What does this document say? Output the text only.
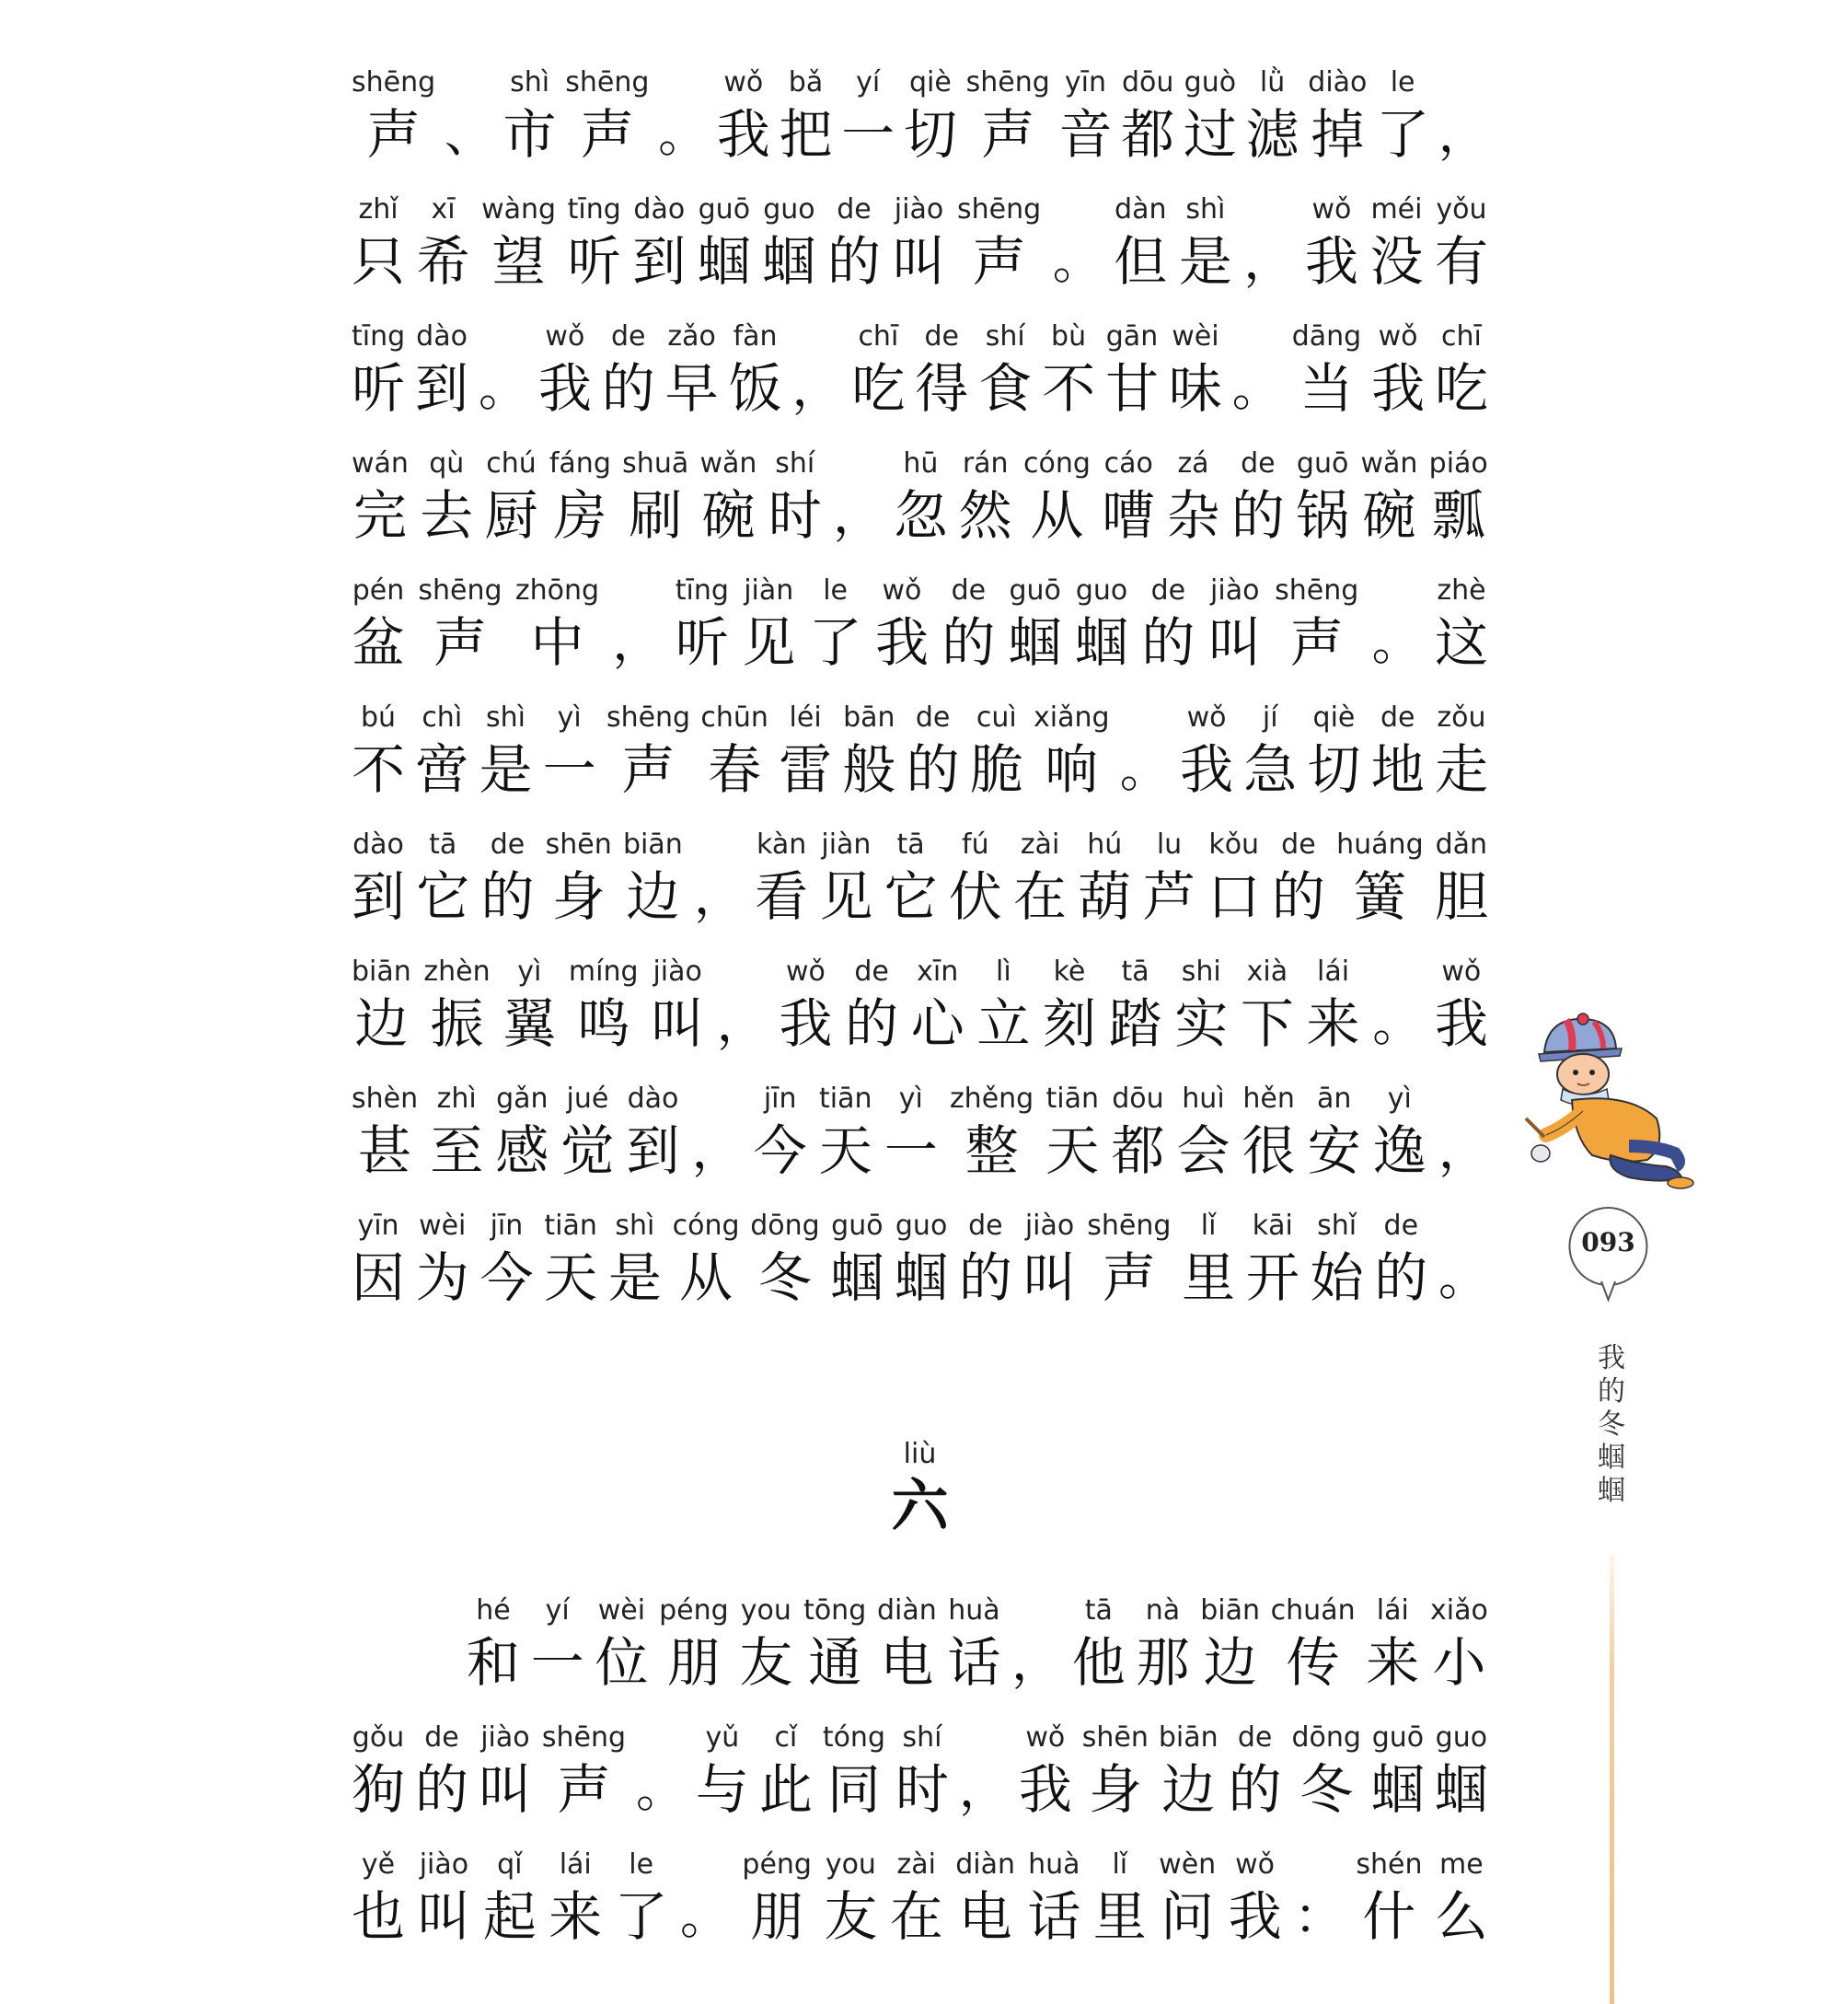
shēng
声 、
shì
市
shēng
声 。
wǒ
我
bǎ
把
yí
一
qiè
切
shēng
声
yīn
音
dōu
都
guò
过
lǜ
滤
diào
掉
le
了 ，
zhǐ
只
xī
希
wàng
望
tīng
听
dào
到
guō
蝈
guo
蝈
de
的
jiào
叫
shēng
声 。
dàn
但
shì
是 ，
wǒ
我
méi
没
yǒu
有
tīng
听
dào
到 。
wǒ
我
de
的
zǎo
早
fàn
饭 ，
chī
吃
de
得
shí
食
bù
不
gān
甘
wèi
味 。
dāng
当
wǒ
我
chī
吃
wán
完
qù
去
chú
厨
fáng
房
shuā
刷
wǎn
碗
shí
时 ，
hū
忽
rán
然
cóng
从
cáo
嘈
zá
杂
de
的
guō
锅
wǎn
碗
piáo
瓢
pén
盆
shēng
声
zhōng
中 ，
tīng
听
jiàn
见
le
了
wǒ
我
de
的
guō
蝈
guo
蝈
de
的
jiào
叫
shēng
声 。
zhè
这
bú
不
chì
啻
shì
是
yì
一
shēng
声
chūn
春
léi
雷
bān
般
de
的
cuì
脆
xiǎng
响 。
wǒ
我
jí
急
qiè
切
de
地
zǒu
走
dào
到
tā
它
de
的
shēn
身
biān
边 ，
kàn
看
jiàn
见
tā
它
fú
伏
zài
在
hú
葫
lu
芦
kǒu
口
de
的
huáng
簧
dǎn
胆
biān
边
zhèn
振
yì
翼
míng
鸣
jiào
叫 ，
wǒ
我
de
的
xīn
心
lì
立
kè
刻
tā
踏
shi
实
xià
下
lái
来 。
wǒ
我
shèn
甚
zhì
至
gǎn
感
jué
觉
dào
到 ，
jīn
今
tiān
天
yì
一
zhěng
整
tiān
天
dōu
都
huì
会
hěn
很
ān
安
yì
逸 ，
yīn
因
wèi
为
jīn
今
tiān
天
shì
是
cóng
从
dōng
冬
guō
蝈
guo
蝈
de
的
jiào
叫
shēng
声
lǐ
里
kāi
开
shǐ
始
de
的 。
liù
六
hé
和
yí
一
wèi
位
péng
朋
you
友
tōng
通
diàn
电
huà
话 ，
tā
他
nà
那
biān
边
chuán
传
lái
来
xiǎo
小
gǒu
狗
de
的
jiào
叫
shēng
声 。
yǔ
与
cǐ
此
tóng
同
shí
时 ，
wǒ
我
shēn
身
biān
边
de
的
dōng
冬
guō
蝈
guo
蝈
yě
也
jiào
叫
qǐ
起
lái
来
le
了 。
péng
朋
you
友
zài
在
diàn
电
huà
话
lǐ
里
wèn
问
wǒ
我 ：
shén
什
me
么
093
我的冬蝈蝈
